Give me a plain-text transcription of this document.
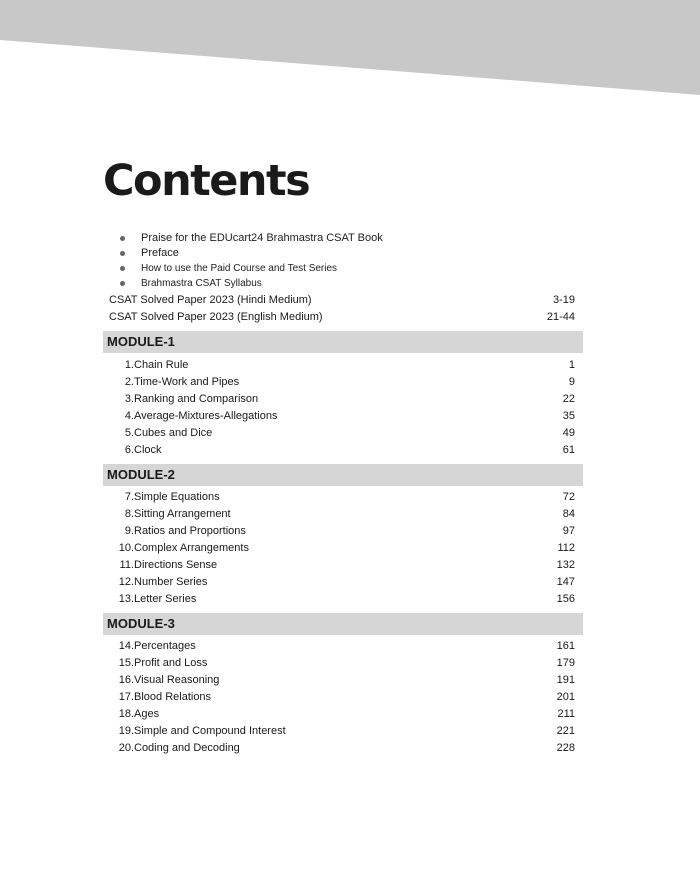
Contents
Praise for the EDUcart24 Brahmastra CSAT Book
Preface
How to use the Paid Course and Test Series
Brahmastra CSAT Syllabus
CSAT Solved Paper 2023 (Hindi Medium)	3-19
CSAT Solved Paper 2023 (English Medium)	21-44
MODULE-1
1. Chain Rule	1
2. Time-Work and Pipes	9
3. Ranking and Comparison	22
4. Average-Mixtures-Allegations	35
5. Cubes and Dice	49
6. Clock	61
MODULE-2
7. Simple Equations	72
8. Sitting Arrangement	84
9. Ratios and Proportions	97
10. Complex Arrangements	112
11. Directions Sense	132
12. Number Series	147
13. Letter Series	156
MODULE-3
14. Percentages	161
15. Profit and Loss	179
16. Visual Reasoning	191
17. Blood Relations	201
18. Ages	211
19. Simple and Compound Interest	221
20. Coding and Decoding	228
